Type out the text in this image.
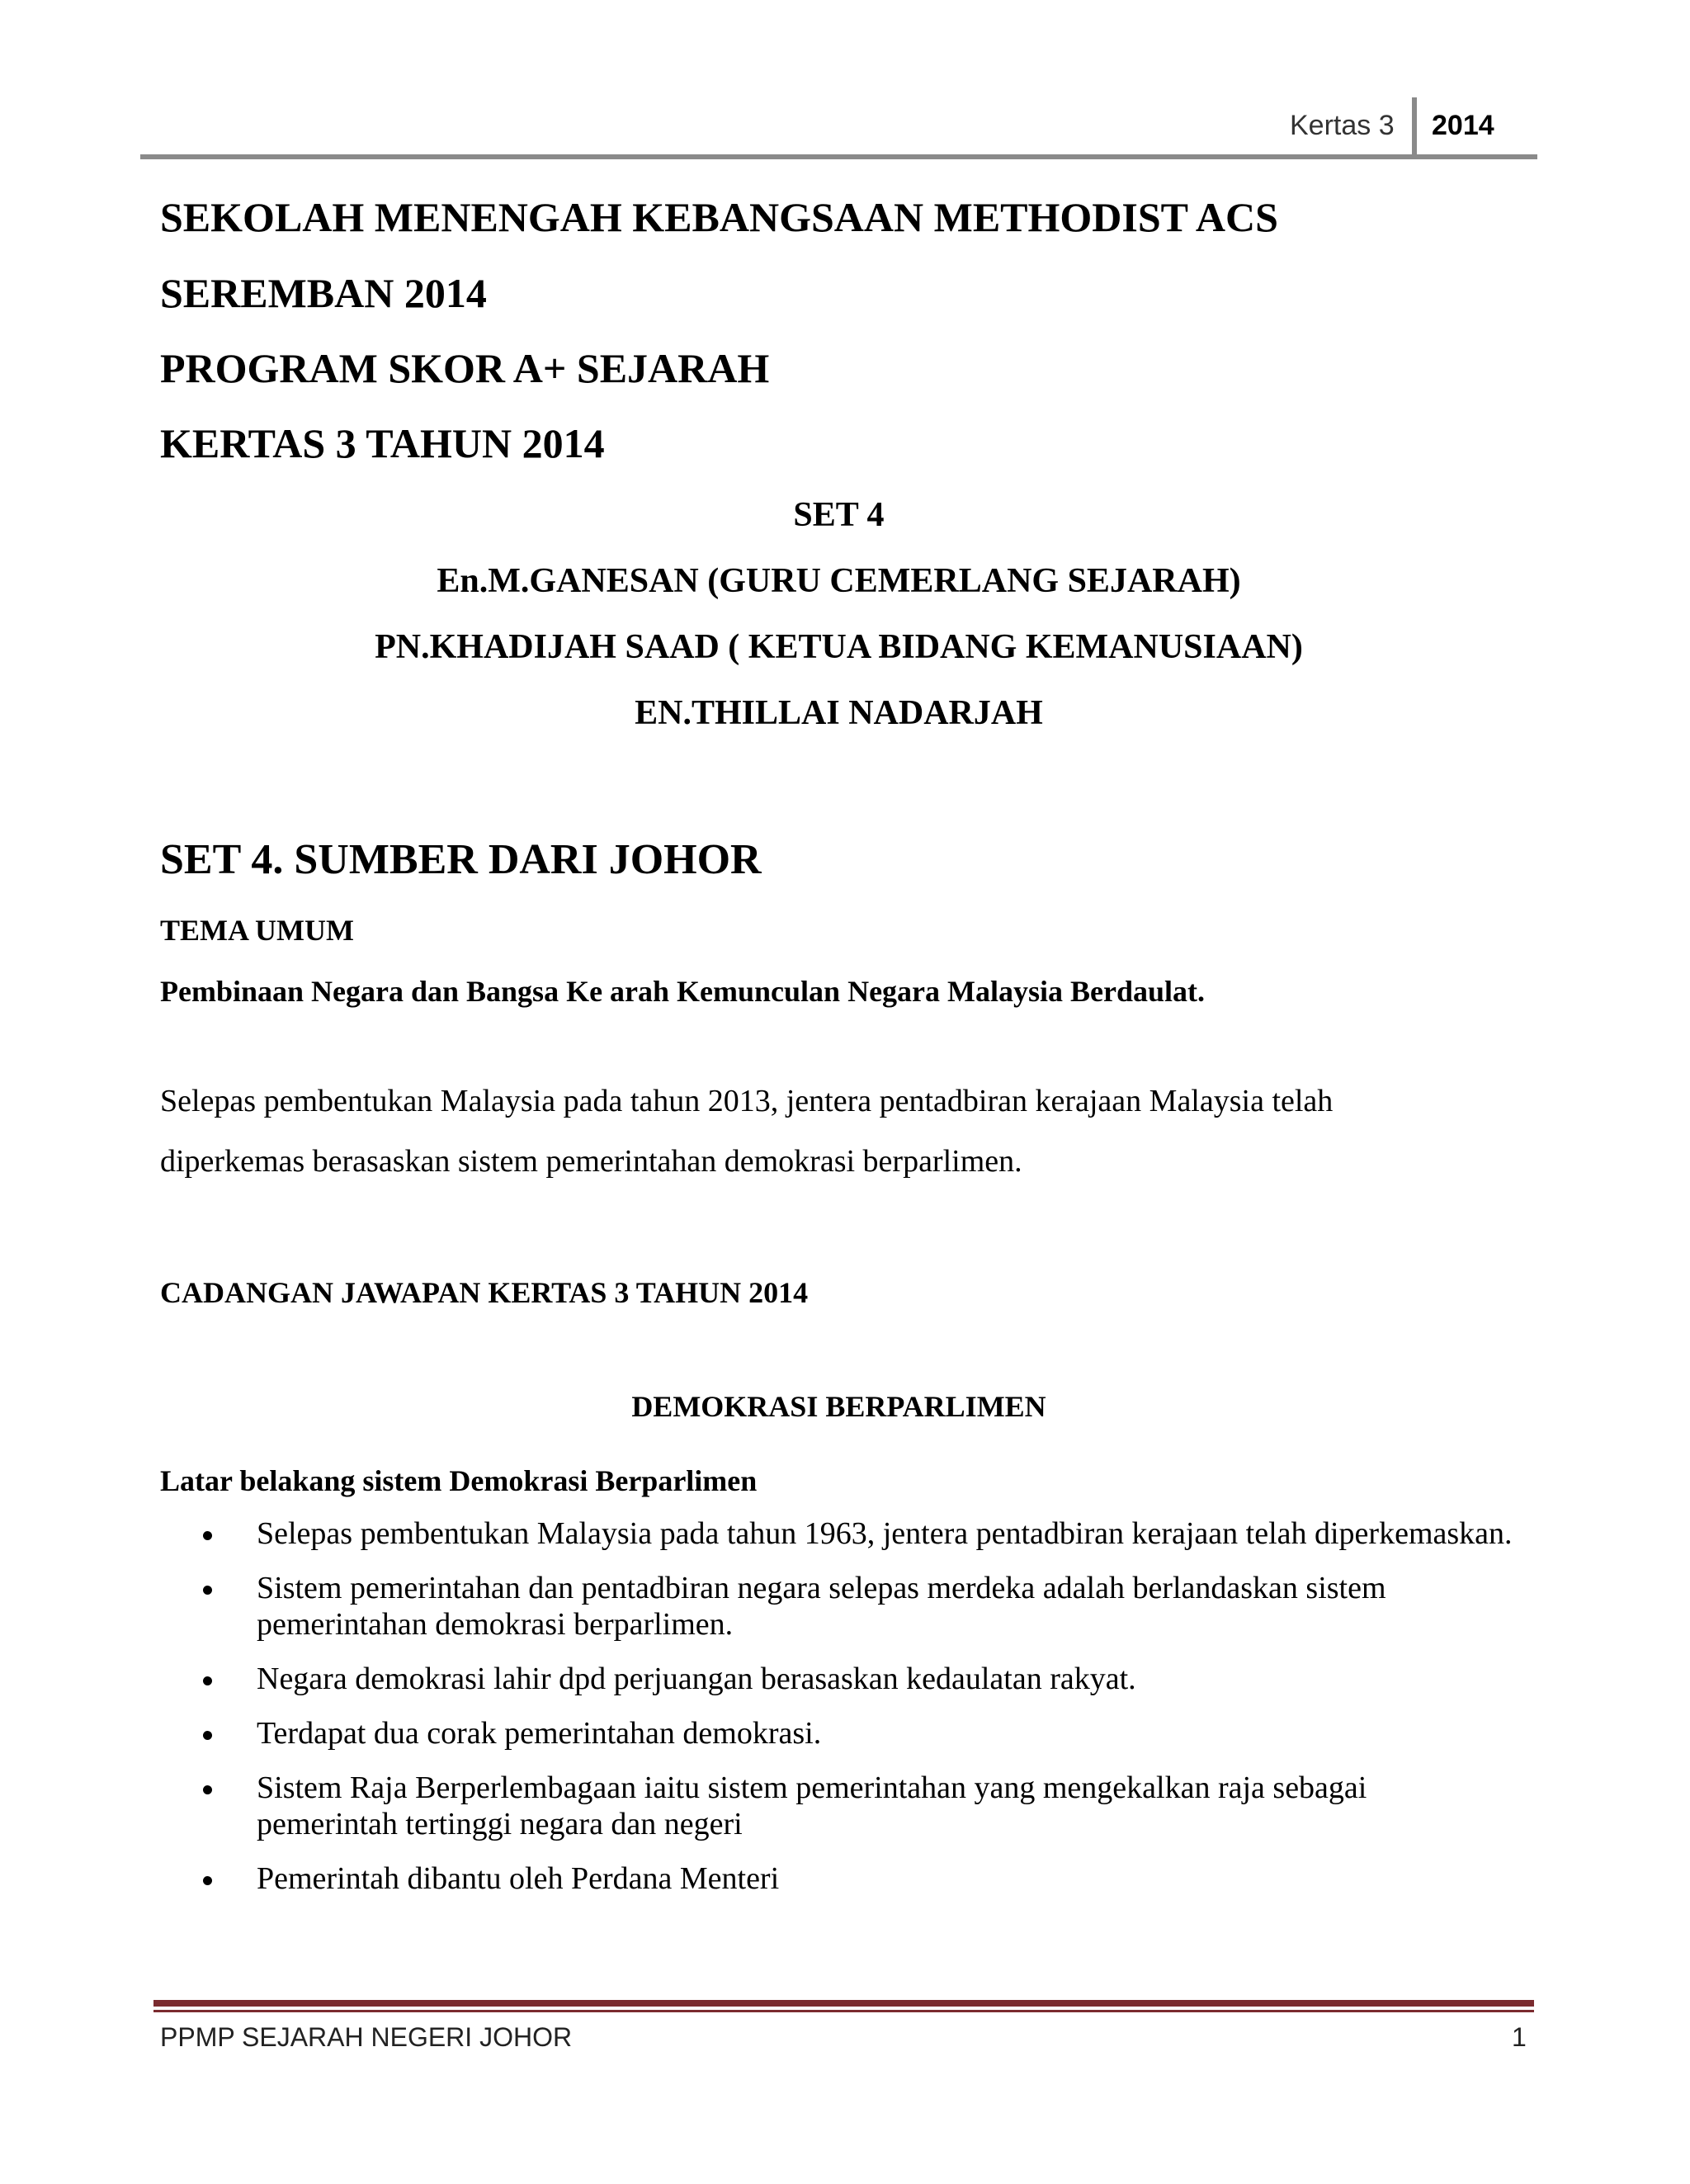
Kertas 3 2014
SEKOLAH MENENGAH KEBANGSAAN METHODIST ACS
SEREMBAN 2014
PROGRAM SKOR A+ SEJARAH
KERTAS 3 TAHUN 2014
SET 4
En.M.GANESAN (GURU CEMERLANG SEJARAH)
PN.KHADIJAH SAAD ( KETUA BIDANG KEMANUSIAAN)
EN.THILLAI NADARJAH
SET 4. SUMBER DARI JOHOR
TEMA UMUM
Pembinaan Negara dan Bangsa Ke arah Kemunculan Negara Malaysia Berdaulat.
Selepas pembentukan Malaysia pada tahun 2013, jentera pentadbiran kerajaan Malaysia telah
diperkemas berasaskan sistem pemerintahan demokrasi berparlimen.
CADANGAN JAWAPAN KERTAS 3 TAHUN 2014
DEMOKRASI BERPARLIMEN
Latar belakang sistem Demokrasi Berparlimen
Selepas pembentukan Malaysia pada tahun 1963, jentera pentadbiran kerajaan telah diperkemaskan.
Sistem pemerintahan dan pentadbiran negara selepas merdeka adalah berlandaskan sistem pemerintahan demokrasi berparlimen.
Negara demokrasi lahir dpd perjuangan berasaskan kedaulatan rakyat.
Terdapat dua corak pemerintahan demokrasi.
Sistem Raja Berperlembagaan iaitu sistem pemerintahan yang mengekalkan raja sebagai pemerintah tertinggi negara dan negeri
Pemerintah dibantu oleh Perdana Menteri
PPMP SEJARAH NEGERI JOHOR	1
